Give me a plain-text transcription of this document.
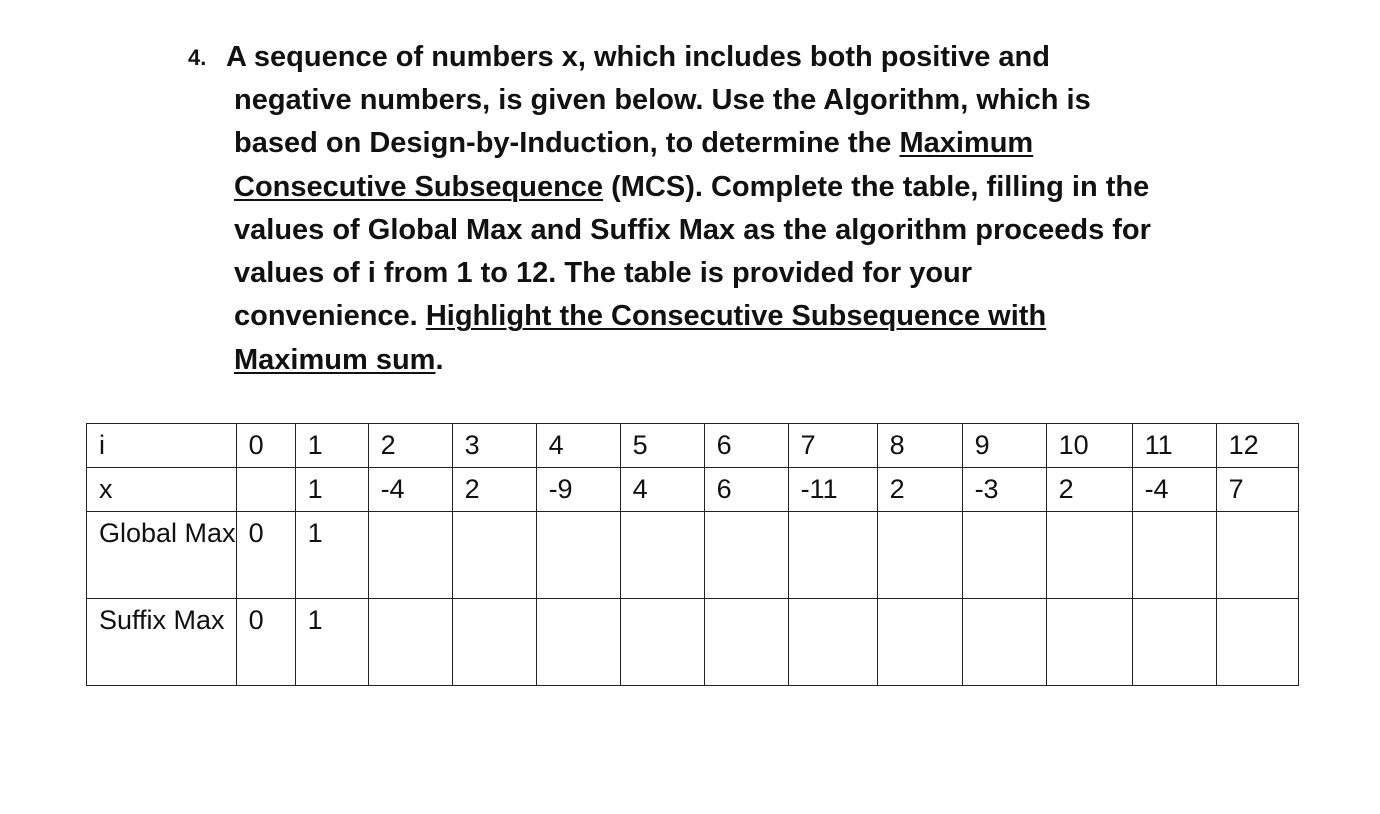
4. A sequence of numbers x, which includes both positive and
negative numbers, is given below. Use the Algorithm, which is
based on Design-by-Induction, to determine the Maximum
Consecutive Subsequence (MCS). Complete the table, filling in the
values of Global Max and Suffix Max as the algorithm proceeds for
values of i from 1 to 12. The table is provided for your
convenience. Highlight the Consecutive Subsequence with
Maximum sum.
i	0	1	2	3	4	5	6	7	8	9	10	11	12
x		1	-4	2	-9	4	6	-11	2	-3	2	-4	7
Global Max	0	1											
Suffix Max	0	1											
